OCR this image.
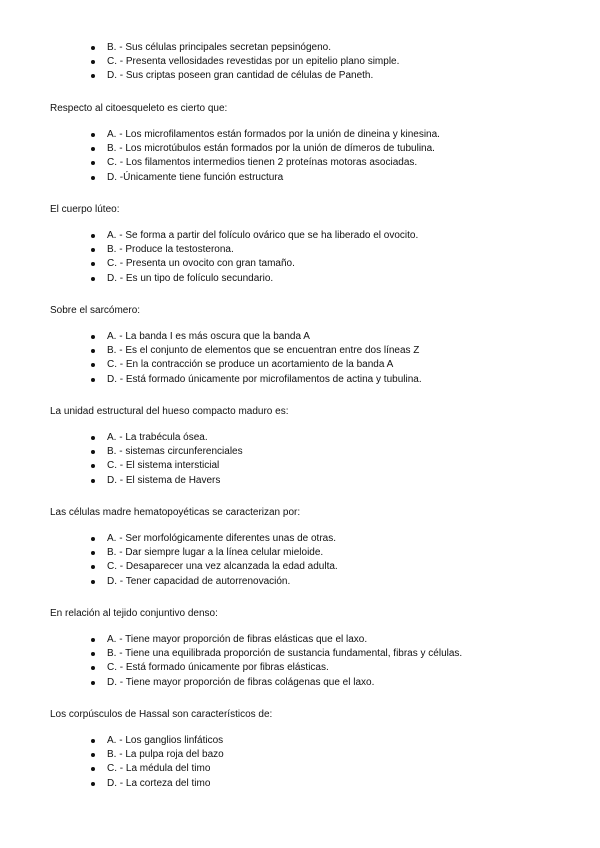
B. - Sus células principales secretan pepsinógeno.
C. - Presenta vellosidades revestidas por un epitelio plano simple.
D. - Sus criptas poseen gran cantidad de células de Paneth.
Respecto al citoesqueleto es cierto que:
A. - Los microfilamentos están formados por la unión de dineina y kinesina.
B. - Los microtúbulos están formados por la unión de dímeros de tubulina.
C. - Los filamentos intermedios tienen 2 proteínas motoras asociadas.
D. -Únicamente tiene función estructura
El cuerpo lúteo:
A. - Se forma a partir del folículo ovárico que se ha liberado el ovocito.
B. - Produce la testosterona.
C. - Presenta un ovocito con gran tamaño.
D. - Es un tipo de folículo secundario.
Sobre el sarcómero:
A. - La banda I es más oscura que la banda A
B. - Es el conjunto de elementos que se encuentran entre dos líneas Z
C. - En la contracción se produce un acortamiento de la banda A
D. - Está formado únicamente por microfilamentos de actina y tubulina.
La unidad estructural del hueso compacto maduro es:
A. - La trabécula ósea.
B. - sistemas circunferenciales
C. - El sistema intersticial
D. - El sistema de Havers
Las células madre hematopoyéticas se caracterizan por:
A. - Ser morfológicamente diferentes unas de otras.
B. - Dar siempre lugar a la línea celular mieloide.
C. - Desaparecer una vez alcanzada la edad adulta.
D. - Tener capacidad de autorrenovación.
En relación al tejido conjuntivo denso:
A. - Tiene mayor proporción de fibras elásticas que el laxo.
B. - Tiene una equilibrada proporción de sustancia fundamental, fibras y células.
C. - Está formado únicamente por fibras elásticas.
D. - Tiene mayor proporción de fibras colágenas que el laxo.
Los corpúsculos de Hassal son característicos de:
A. - Los ganglios linfáticos
B. - La pulpa roja del bazo
C. - La médula del timo
D. - La corteza del timo
